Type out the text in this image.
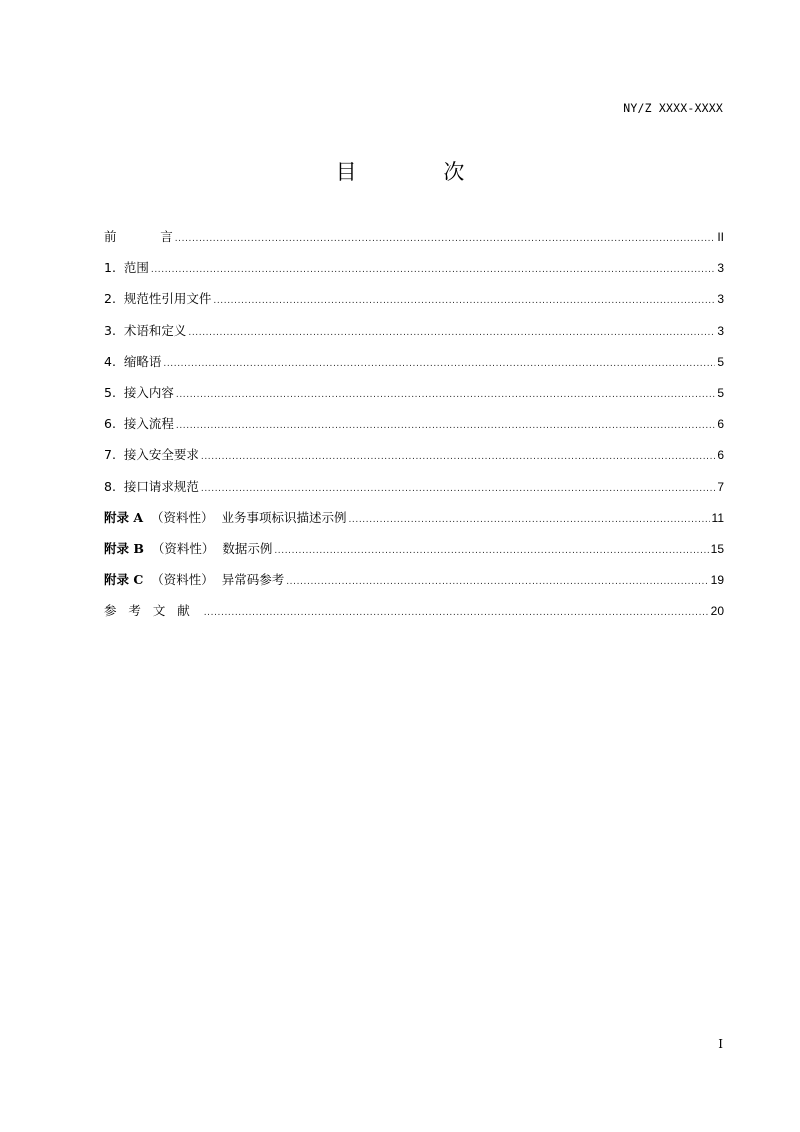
NY/Z XXXX-XXXX
目 次
前           言 .....	II
1.  范围 .....	3
2.  规范性引用文件 .....	3
3.  术语和定义 .....	3
4.  缩略语 .....	5
5.  接入内容 .....	5
6.  接入流程 .....	6
7.  接入安全要求 .....	6
8.  接口请求规范 .....	7
附录 A  （资料性）  业务事项标识描述示例 .....	11
附录 B  （资料性）  数据示例 .....	15
附录 C  （资料性）  异常码参考 .....	19
参   考   文   献 .....	20
I
